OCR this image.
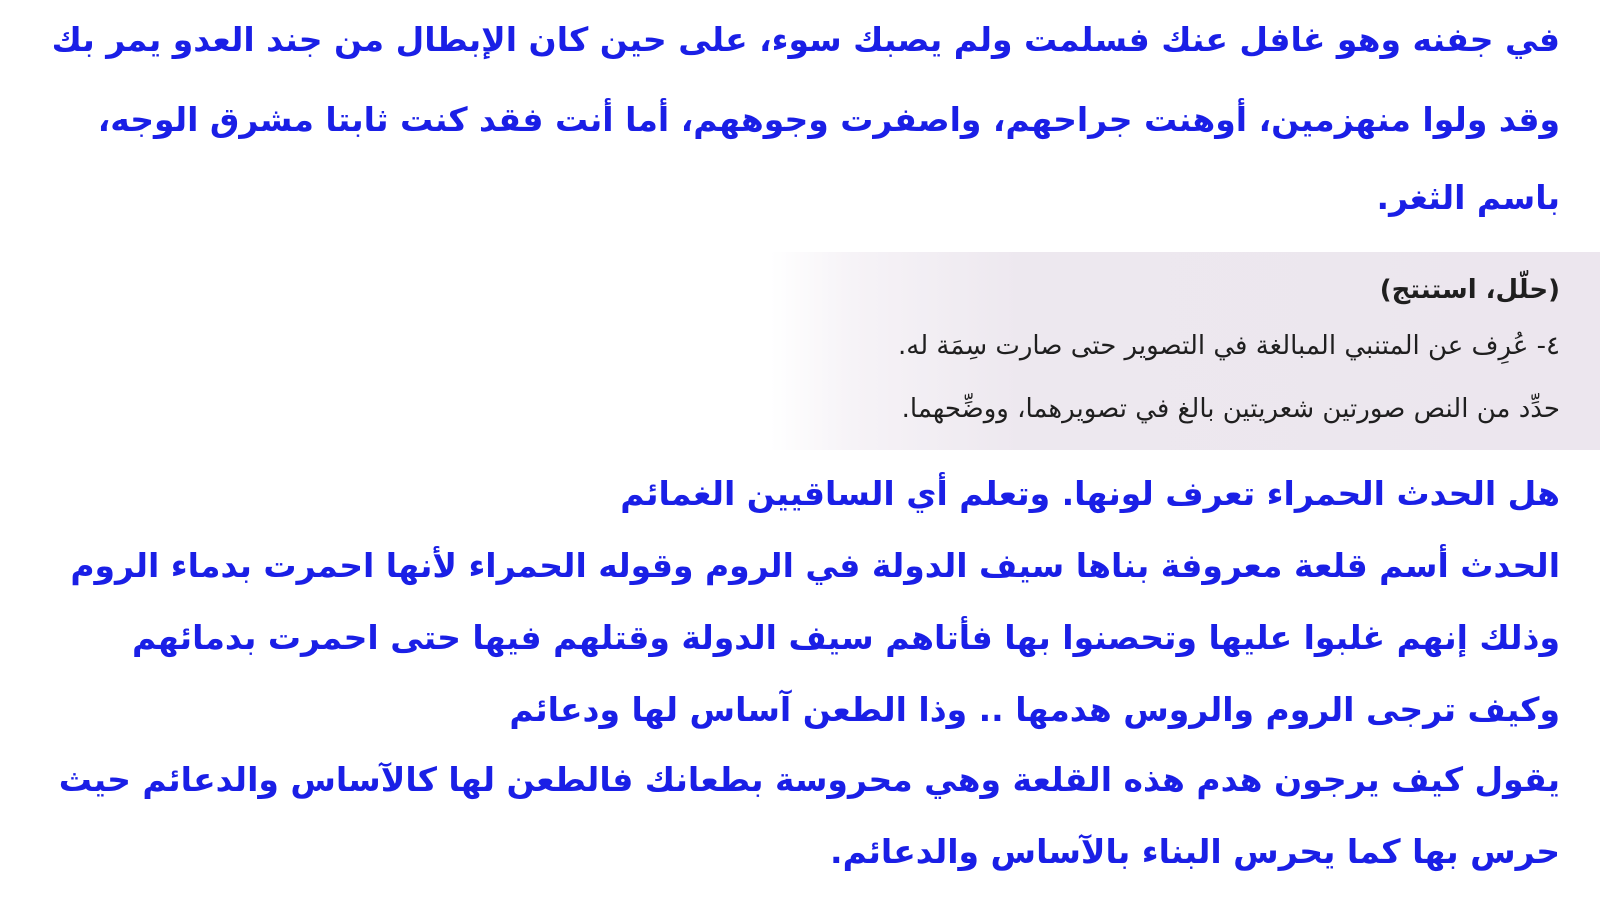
في جفنه وهو غافل عنك فسلمت ولم يصبك سوء، على حين كان الإبطال من جند العدو يمر بك
وقد ولوا منهزمين، أوهنت جراحهم، واصفرت وجوههم، أما أنت فقد كنت ثابتا مشرق الوجه،
باسم الثغر.
(حلّل، استنتج)
٤- عُرِف عن المتنبي المبالغة في التصوير حتى صارت سِمَة له.
حدِّد من النص صورتين شعريتين بالغ في تصويرهما، ووضِّحهما.
هل الحدث الحمراء تعرف لونها. وتعلم أي الساقيين الغمائم
الحدث أسم قلعة معروفة بناها سيف الدولة في الروم وقوله الحمراء لأنها احمرت بدماء الروم
وذلك إنهم غلبوا عليها وتحصنوا بها فأتاهم سيف الدولة وقتلهم فيها حتى احمرت بدمائهم
وكيف ترجى الروم والروس هدمها .. وذا الطعن آساس لها ودعائم
يقول كيف يرجون هدم هذه القلعة وهي محروسة بطعانك فالطعن لها كالآساس والدعائم حيث
حرس بها كما يحرس البناء بالآساس والدعائم.
